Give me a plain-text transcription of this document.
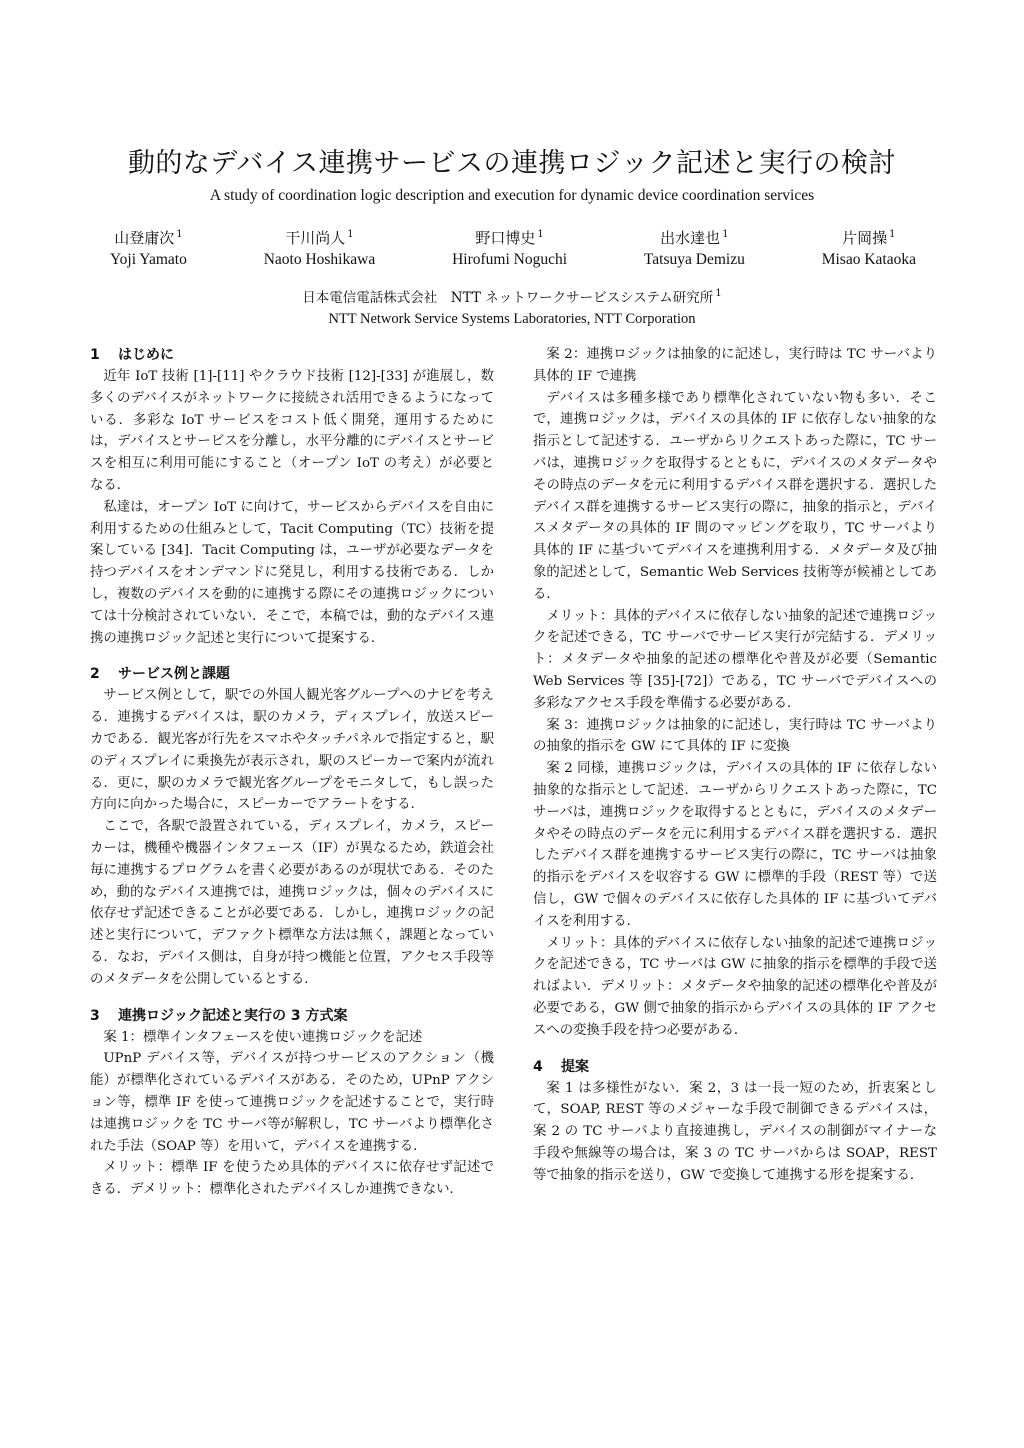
動的なデバイス連携サービスの連携ロジック記述と実行の検討
A study of coordination logic description and execution for dynamic device coordination services
山登庸次 $^1$
Yoji Yamato
干川尚人 $^1$
Naoto Hoshikawa
野口博史 $^1$
Hirofumi Noguchi
出水達也 $^1$
Tatsuya Demizu
片岡操 $^1$
Misao Kataoka
日本電信電話株式会社　NTT ネットワークサービスシステム研究所 $^1$
NTT Network Service Systems Laboratories, NTT Corporation
1 はじめに

近年 IoT 技術 [1]-[11] やクラウド技術 [12]-[33] が進展し，数多くのデバイスがネットワークに接続され活用できるようになっている．多彩な IoT サービスをコスト低く開発，運用するためには，デバイスとサービスを分離し，水平分離的にデバイスとサービスを相互に利用可能にすること（オープン IoT の考え）が必要となる．

私達は，オープン IoT に向けて，サービスからデバイスを自由に利用するための仕組みとして，Tacit Computing（TC）技術を提案している [34]．Tacit Computing は，ユーザが必要なデータを持つデバイスをオンデマンドに発見し，利用する技術である．しかし，複数のデバイスを動的に連携する際にその連携ロジックについては十分検討されていない．そこで，本稿では，動的なデバイス連携の連携ロジック記述と実行について提案する．

2 サービス例と課題

サービス例として，駅での外国人観光客グループへのナビを考える．連携するデバイスは，駅のカメラ，ディスプレイ，放送スピーカである．観光客が行先をスマホやタッチパネルで指定すると，駅のディスプレイに乗換先が表示され，駅のスピーカーで案内が流れる．更に，駅のカメラで観光客グループをモニタして，もし誤った方向に向かった場合に，スピーカーでアラートをする．

ここで，各駅で設置されている，ディスプレイ，カメラ，スピーカーは，機種や機器インタフェース（IF）が異なるため，鉄道会社毎に連携するプログラムを書く必要があるのが現状である．そのため，動的なデバイス連携では，連携ロジックは，個々のデバイスに依存せず記述できることが必要である．しかし，連携ロジックの記述と実行について，デファクト標準な方法は無く，課題となっている．なお，デバイス側は，自身が持つ機能と位置，アクセス手段等のメタデータを公開しているとする．

3 連携ロジック記述と実行の 3 方式案

案 1：標準インタフェースを使い連携ロジックを記述

UPnP デバイス等，デバイスが持つサービスのアクション（機能）が標準化されているデバイスがある．そのため，UPnP アクション等，標準 IF を使って連携ロジックを記述することで，実行時は連携ロジックを TC サーバ等が解釈し，TC サーバより標準化された手法（SOAP 等）を用いて，デバイスを連携する．

メリット：標準 IF を使うため具体的デバイスに依存せず記述できる．デメリット：標準化されたデバイスしか連携できない．

案 2：連携ロジックは抽象的に記述し，実行時は TC サーバより具体的 IF で連携

デバイスは多種多様であり標準化されていない物も多い．そこで，連携ロジックは，デバイスの具体的 IF に依存しない抽象的な指示として記述する．ユーザからリクエストあった際に，TC サーバは，連携ロジックを取得するとともに，デバイスのメタデータやその時点のデータを元に利用するデバイス群を選択する．選択したデバイス群を連携するサービス実行の際に，抽象的指示と，デバイスメタデータの具体的 IF 間のマッピングを取り，TC サーバより具体的 IF に基づいてデバイスを連携利用する．メタデータ及び抽象的記述として，Semantic Web Services 技術等が候補としてある．

メリット：具体的デバイスに依存しない抽象的記述で連携ロジックを記述できる，TC サーバでサービス実行が完結する．デメリット：メタデータや抽象的記述の標準化や普及が必要（Semantic Web Services 等 [35]-[72]）である，TC サーバでデバイスへの多彩なアクセス手段を準備する必要がある．

案 3：連携ロジックは抽象的に記述し，実行時は TC サーバよりの抽象的指示を GW にて具体的 IF に変換

案 2 同様，連携ロジックは，デバイスの具体的 IF に依存しない抽象的な指示として記述．ユーザからリクエストあった際に，TC サーバは，連携ロジックを取得するとともに，デバイスのメタデータやその時点のデータを元に利用するデバイス群を選択する．選択したデバイス群を連携するサービス実行の際に，TC サーバは抽象的指示をデバイスを収容する GW に標準的手段（REST 等）で送信し，GW で個々のデバイスに依存した具体的 IF に基づいてデバイスを利用する．

メリット：具体的デバイスに依存しない抽象的記述で連携ロジックを記述できる，TC サーバは GW に抽象的指示を標準的手段で送ればよい．デメリット：メタデータや抽象的記述の標準化や普及が必要である，GW 側で抽象的指示からデバイスの具体的 IF アクセスへの変換手段を持つ必要がある．

4 提案

案 1 は多様性がない．案 2，3 は一長一短のため，折衷案として，SOAP, REST 等のメジャーな手段で制御できるデバイスは，案 2 の TC サーバより直接連携し，デバイスの制御がマイナーな手段や無線等の場合は，案 3 の TC サーバからは SOAP，REST 等で抽象的指示を送り，GW で変換して連携する形を提案する．
